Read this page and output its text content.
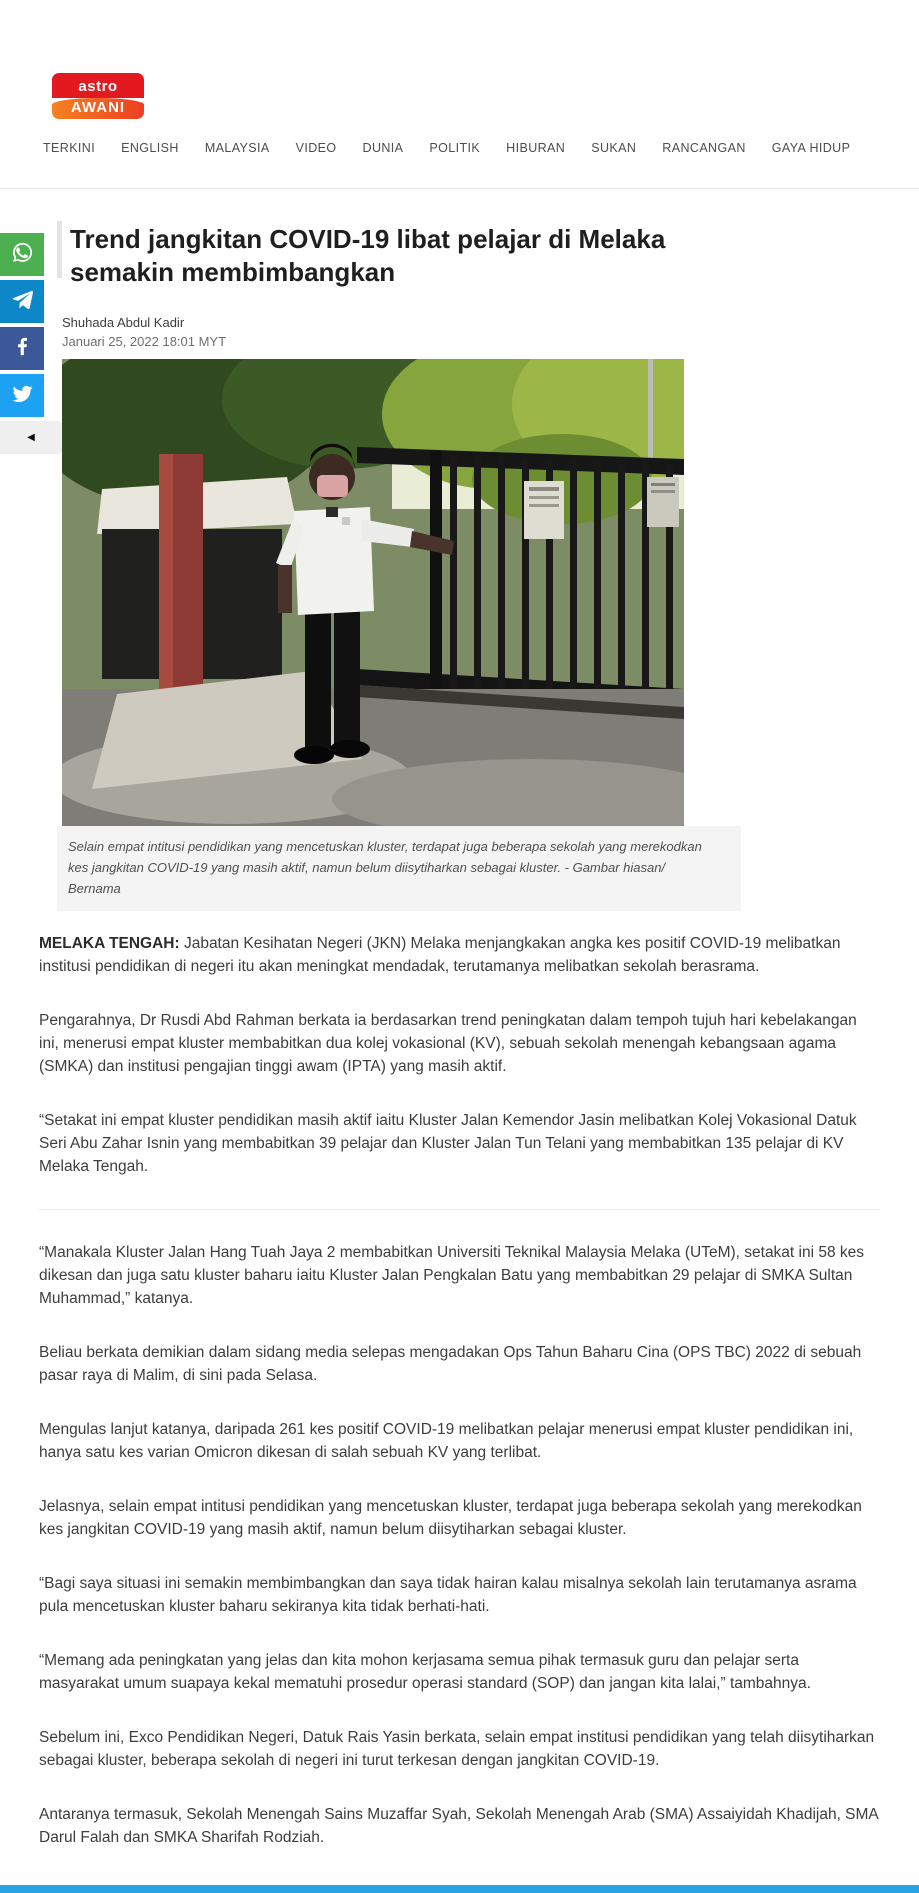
astro
AWANI
TERKINI ENGLISH MALAYSIA VIDEO DUNIA POLITIK HIBURAN SUKAN RANCANGAN GAYA HIDUP
◀
Trend jangkitan COVID-19 libat pelajar di Melaka semakin membimbangkan
Shuhada Abdul Kadir
Januari 25, 2022 18:01 MYT
Selain empat intitusi pendidikan yang mencetuskan kluster, terdapat juga beberapa sekolah yang merekodkan kes jangkitan COVID-19 yang masih aktif, namun belum diisytiharkan sebagai kluster. - Gambar hiasan/ Bernama

MELAKA TENGAH: Jabatan Kesihatan Negeri (JKN) Melaka menjangkakan angka kes positif COVID-19 melibatkan institusi pendidikan di negeri itu akan meningkat mendadak, terutamanya melibatkan sekolah berasrama.

Pengarahnya, Dr Rusdi Abd Rahman berkata ia berdasarkan trend peningkatan dalam tempoh tujuh hari kebelakangan ini, menerusi empat kluster membabitkan dua kolej vokasional (KV), sebuah sekolah menengah kebangsaan agama (SMKA) dan institusi pengajian tinggi awam (IPTA) yang masih aktif.

“Setakat ini empat kluster pendidikan masih aktif iaitu Kluster Jalan Kemendor Jasin melibatkan Kolej Vokasional Datuk Seri Abu Zahar Isnin yang membabitkan 39 pelajar dan Kluster Jalan Tun Telani yang membabitkan 135 pelajar di KV Melaka Tengah.

“Manakala Kluster Jalan Hang Tuah Jaya 2 membabitkan Universiti Teknikal Malaysia Melaka (UTeM), setakat ini 58 kes dikesan dan juga satu kluster baharu iaitu Kluster Jalan Pengkalan Batu yang membabitkan 29 pelajar di SMKA Sultan Muhammad,” katanya.

Beliau berkata demikian dalam sidang media selepas mengadakan Ops Tahun Baharu Cina (OPS TBC) 2022 di sebuah pasar raya di Malim, di sini pada Selasa.

Mengulas lanjut katanya, daripada 261 kes positif COVID-19 melibatkan pelajar menerusi empat kluster pendidikan ini, hanya satu kes varian Omicron dikesan di salah sebuah KV yang terlibat.

Jelasnya, selain empat intitusi pendidikan yang mencetuskan kluster, terdapat juga beberapa sekolah yang merekodkan kes jangkitan COVID-19 yang masih aktif, namun belum diisytiharkan sebagai kluster.

“Bagi saya situasi ini semakin membimbangkan dan saya tidak hairan kalau misalnya sekolah lain terutamanya asrama pula mencetuskan kluster baharu sekiranya kita tidak berhati-hati.

“Memang ada peningkatan yang jelas dan kita mohon kerjasama semua pihak termasuk guru dan pelajar serta masyarakat umum suapaya kekal mematuhi prosedur operasi standard (SOP) dan jangan kita lalai,” tambahnya.

Sebelum ini, Exco Pendidikan Negeri, Datuk Rais Yasin berkata, selain empat institusi pendidikan yang telah diisytiharkan sebagai kluster, beberapa sekolah di negeri ini turut terkesan dengan jangkitan COVID-19.

Antaranya termasuk, Sekolah Menengah Sains Muzaffar Syah, Sekolah Menengah Arab (SMA) Assaiyidah Khadijah, SMA Darul Falah dan SMKA Sharifah Rodziah.
